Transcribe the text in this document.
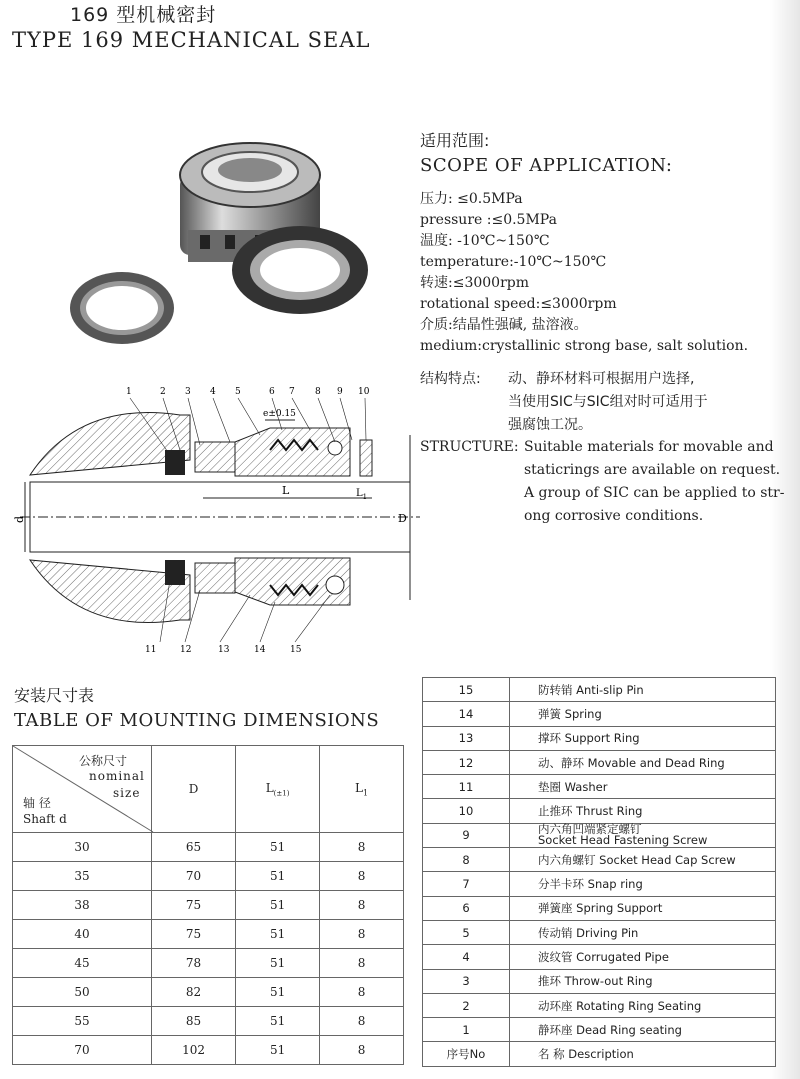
169 型机械密封
TYPE 169 MECHANICAL SEAL
适用范围:
SCOPE OF APPLICATION:
压力: ≤0.5MPa
pressure :≤0.5MPa
温度: -10℃~150℃
temperature:-10℃~150℃
转速:≤3000rpm
rotational speed:≤3000rpm
介质:结晶性强碱, 盐溶液。
medium:crystallinic strong base, salt solution.
结构特点: 动、静环材料可根据用户选择,
当使用SIC与SIC组对时可适用于
强腐蚀工况。
STRUCTURE: Suitable materials for movable and
staticrings are available on request.
A group of SIC can be applied to str-
ong corrosive conditions.
1	2 3 4 5	6 7 8 9 10
e±0.15
L	$L_1$
d	D
11	12	13	14	15
安装尺寸表
TABLE OF MOUNTING DIMENSIONS
公称尺寸
nominal
size
轴 径
Shaft d	D	$L_{(\pm 1)}$	$L_1$
30	65	51	8
35	70	51	8
38	75	51	8
40	75	51	8
45	78	51	8
50	82	51	8
55	85	51	8
70	102	51	8
15	防转销 Anti-slip Pin
14	弹簧 Spring
13	撑环 Support Ring
12	动、静环 Movable and Dead Ring
11	垫圈 Washer
10	止推环 Thrust Ring
9	内六角凹端紧定螺钉
Socket Head Fastening Screw
8	内六角螺钉 Socket Head Cap Screw
7	分半卡环 Snap ring
6	弹簧座 Spring Support
5	传动销 Driving Pin
4	波纹管 Corrugated Pipe
3	推环 Throw-out Ring
2	动环座 Rotating Ring Seating
1	静环座 Dead Ring seating
序号No	名 称 Description
